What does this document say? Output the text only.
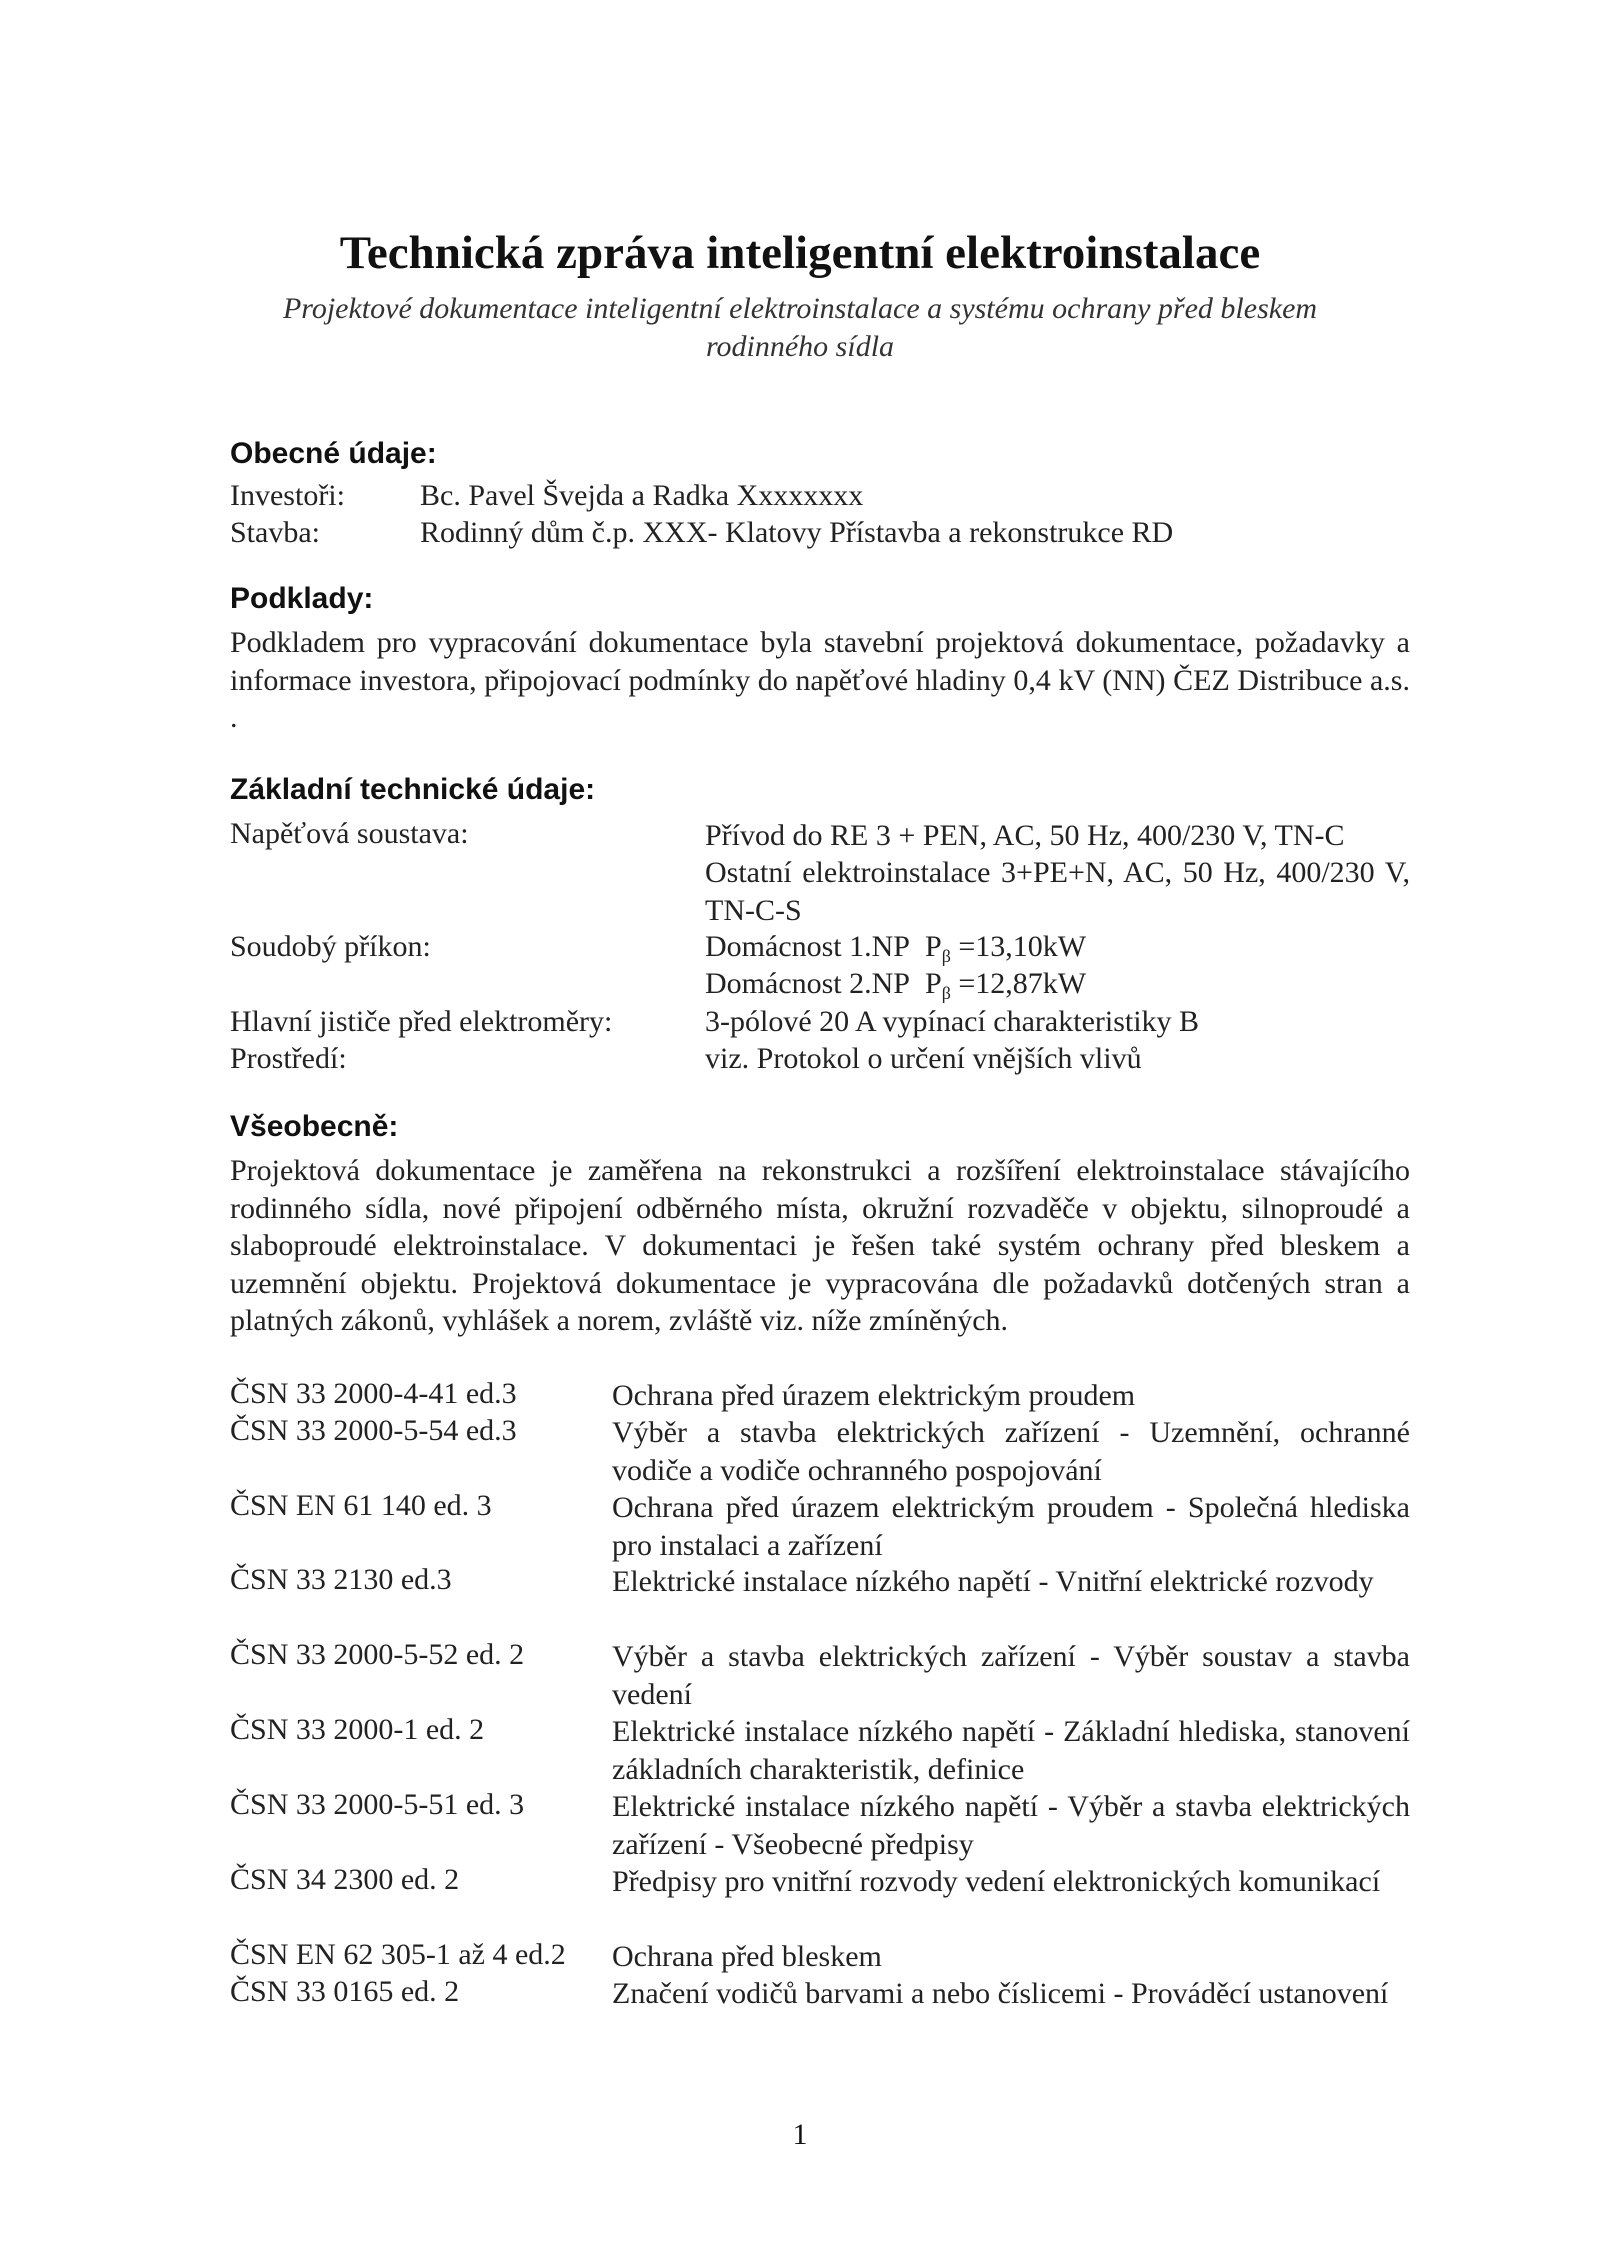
Technická zpráva inteligentní elektroinstalace
Projektové dokumentace inteligentní elektroinstalace a systému ochrany před bleskem
rodinného sídla
Obecné údaje:
Investoři:	Bc. Pavel Švejda a Radka Xxxxxxxx
Stavba:	Rodinný dům č.p. XXX- Klatovy Přístavba a rekonstrukce RD
Podklady:
Podkladem pro vypracování dokumentace byla stavební projektová dokumentace, požadavky a informace investora, připojovací podmínky do napěťové hladiny 0,4 kV (NN) ČEZ Distribuce a.s. .
Základní technické údaje:
Napěťová soustava:	Přívod do RE 3 + PEN, AC, 50 Hz, 400/230 V, TN-C
Ostatní elektroinstalace 3+PE+N, AC, 50 Hz, 400/230 V, TN-C-S
Soudobý příkon:	Domácnost 1.NP $P_\beta =13,10kW$
Domácnost 2.NP $P_\beta =12,87kW$
Hlavní jističe před elektroměry:	3-pólové 20 A vypínací charakteristiky B
Prostředí:	viz. Protokol o určení vnějších vlivů
Všeobecně:
Projektová dokumentace je zaměřena na rekonstrukci a rozšíření elektroinstalace stávajícího rodinného sídla, nové připojení odběrného místa, okružní rozvaděče v objektu, silnoproudé a slaboproudé elektroinstalace. V dokumentaci je řešen také systém ochrany před bleskem a uzemnění objektu. Projektová dokumentace je vypracována dle požadavků dotčených stran a platných zákonů, vyhlášek a norem, zvláště viz. níže zmíněných.
ČSN 33 2000-4-41 ed.3	Ochrana před úrazem elektrickým proudem
ČSN 33 2000-5-54 ed.3	Výběr a stavba elektrických zařízení - Uzemnění, ochranné vodiče a vodiče ochranného pospojování
ČSN EN 61 140 ed. 3	Ochrana před úrazem elektrickým proudem - Společná hlediska pro instalaci a zařízení
ČSN 33 2130 ed.3	Elektrické instalace nízkého napětí - Vnitřní elektrické rozvody
ČSN 33 2000-5-52 ed. 2	Výběr a stavba elektrických zařízení - Výběr soustav a stavba vedení
ČSN 33 2000-1 ed. 2	Elektrické instalace nízkého napětí - Základní hlediska, stanovení základních charakteristik, definice
ČSN 33 2000-5-51 ed. 3	Elektrické instalace nízkého napětí - Výběr a stavba elektrických zařízení - Všeobecné předpisy
ČSN 34 2300 ed. 2	Předpisy pro vnitřní rozvody vedení elektronických komunikací
ČSN EN 62 305-1 až 4 ed.2 Ochrana před bleskem
ČSN 33 0165 ed. 2	Značení vodičů barvami a nebo číslicemi - Prováděcí ustanovení
1
